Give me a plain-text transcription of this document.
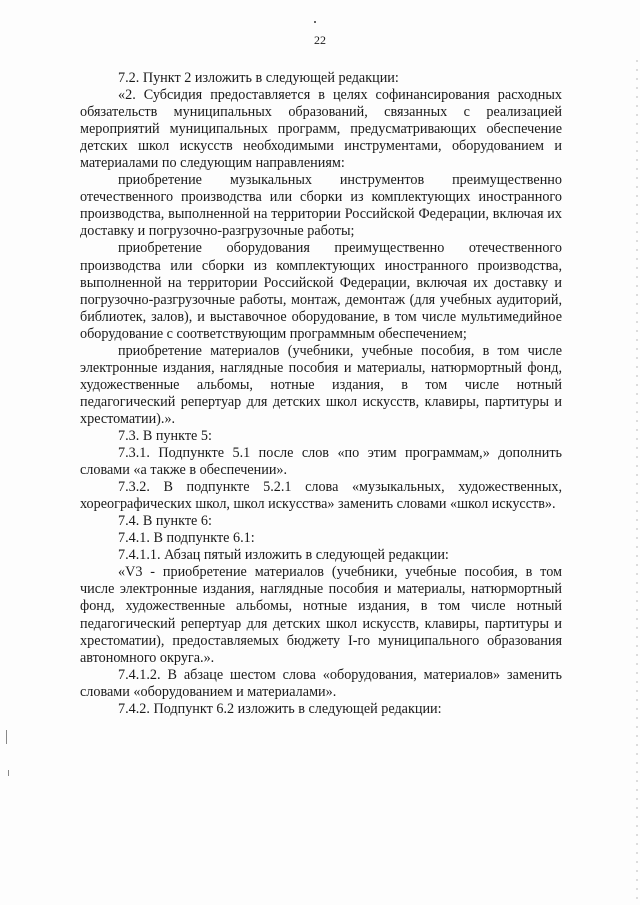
22

7.2. Пункт 2 изложить в следующей редакции:

«2. Субсидия предоставляется в целях софинансирования расходных обязательств муниципальных образований, связанных с реализацией мероприятий муниципальных программ, предусматривающих обеспечение детских школ искусств необходимыми инструментами, оборудованием и материалами по следующим направлениям:

приобретение музыкальных инструментов преимущественно отечественного производства или сборки из комплектующих иностранного производства, выполненной на территории Российской Федерации, включая их доставку и погрузочно-разгрузочные работы;

приобретение оборудования преимущественно отечественного производства или сборки из комплектующих иностранного производства, выполненной на территории Российской Федерации, включая их доставку и погрузочно-разгрузочные работы, монтаж, демонтаж (для учебных аудиторий, библиотек, залов), и выставочное оборудование, в том числе мультимедийное оборудование с соответствующим программным обеспечением;

приобретение материалов (учебники, учебные пособия, в том числе электронные издания, наглядные пособия и материалы, натюрмортный фонд, художественные альбомы, нотные издания, в том числе нотный педагогический репертуар для детских школ искусств, клавиры, партитуры и хрестоматии).».

7.3. В пункте 5:

7.3.1. Подпункте 5.1 после слов «по этим программам,» дополнить словами «а также в обеспечении».

7.3.2. В подпункте 5.2.1 слова «музыкальных, художественных, хореографических школ, школ искусства» заменить словами «школ искусств».

7.4. В пункте 6:

7.4.1. В подпункте 6.1:

7.4.1.1. Абзац пятый изложить в следующей редакции:

«V3 - приобретение материалов (учебники, учебные пособия, в том числе электронные издания, наглядные пособия и материалы, натюрмортный фонд, художественные альбомы, нотные издания, в том числе нотный педагогический репертуар для детских школ искусств, клавиры, партитуры и хрестоматии), предоставляемых бюджету I-го муниципального образования автономного округа.».

7.4.1.2. В абзаце шестом слова «оборудования, материалов» заменить словами «оборудованием и материалами».

7.4.2. Подпункт 6.2 изложить в следующей редакции:
